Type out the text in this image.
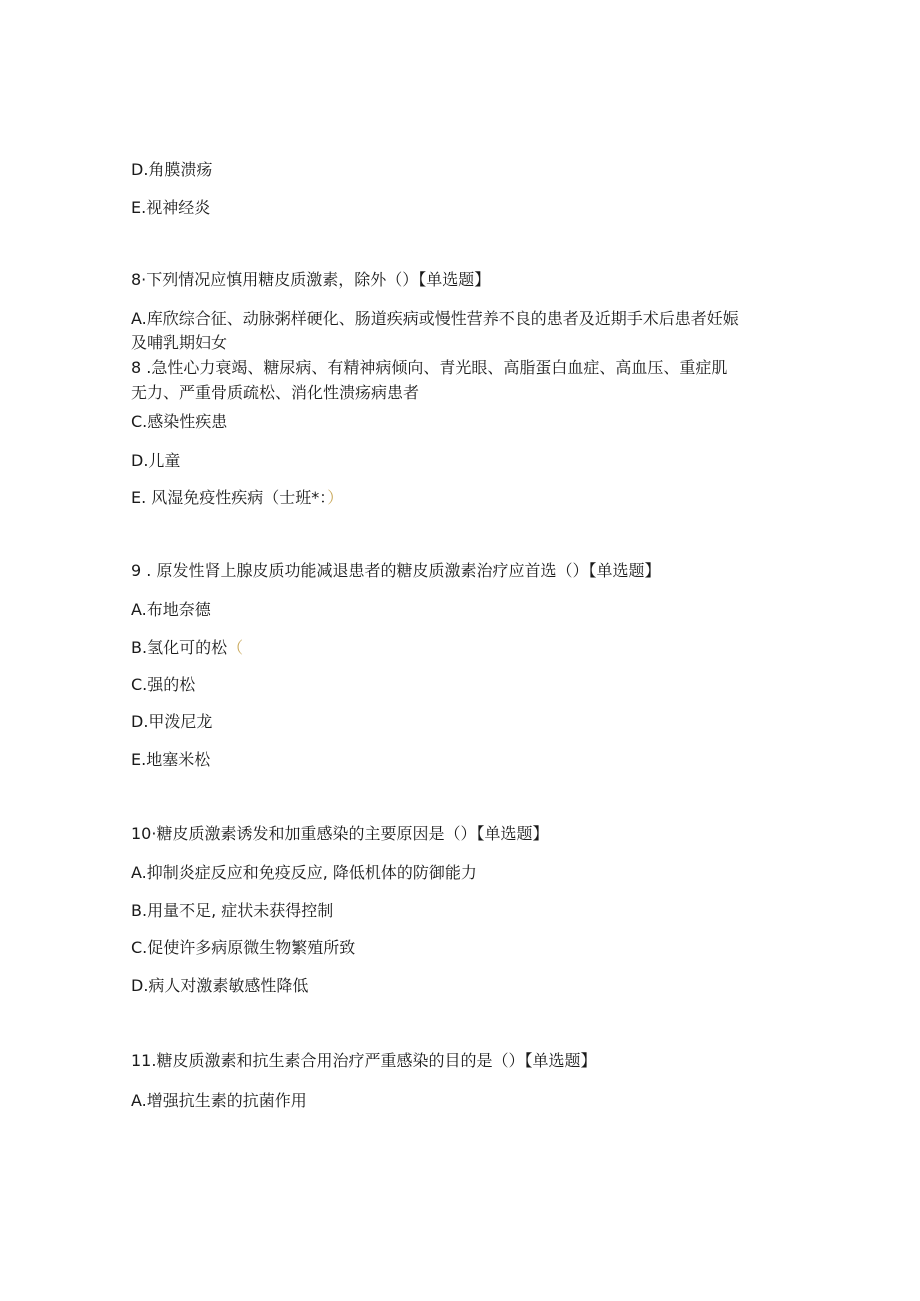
D.角膜溃疡
E.视神经炎
8·下列情况应慎用糖皮质激素，除外（）【单选题】
A.库欣综合征、动脉粥样硬化、肠道疾病或慢性营养不良的患者及近期手术后患者妊娠
及哺乳期妇女
8 .急性心力衰竭、糖尿病、有精神病倾向、青光眼、高脂蛋白血症、高血压、重症肌
无力、严重骨质疏松、消化性溃疡病患者
C.感染性疾患
D.儿童
E. 风湿免疫性疾病（士班*：）
9 . 原发性肾上腺皮质功能减退患者的糖皮质激素治疗应首选（）【单选题】
A.布地奈德
B.氢化可的松（
C.强的松
D.甲泼尼龙
E.地塞米松
10·糖皮质激素诱发和加重感染的主要原因是（）【单选题】
A.抑制炎症反应和免疫反应, 降低机体的防御能力
B.用量不足, 症状未获得控制
C.促使许多病原微生物繁殖所致
D.病人对激素敏感性降低
11.糖皮质激素和抗生素合用治疗严重感染的目的是（）【单选题】
A.增强抗生素的抗菌作用
